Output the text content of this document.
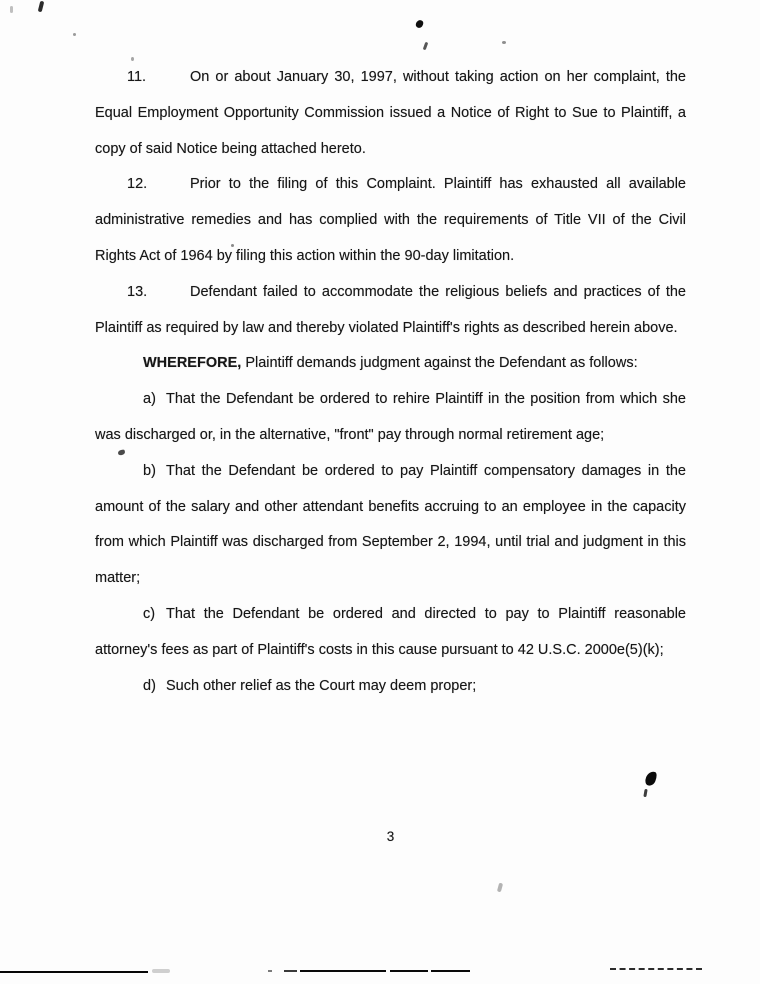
11.	On or about January 30, 1997, without taking action on her complaint, the Equal Employment Opportunity Commission issued a Notice of Right to Sue to Plaintiff, a copy of said Notice being attached hereto.

12.	Prior to the filing of this Complaint. Plaintiff has exhausted all available administrative remedies and has complied with the requirements of Title VII of the Civil Rights Act of 1964 by filing this action within the 90-day limitation.

13.	Defendant failed to accommodate the religious beliefs and practices of the Plaintiff as required by law and thereby violated Plaintiff's rights as described herein above.

WHEREFORE, Plaintiff demands judgment against the Defendant as follows:

a) That the Defendant be ordered to rehire Plaintiff in the position from which she was discharged or, in the alternative, "front" pay through normal retirement age;

b) That the Defendant be ordered to pay Plaintiff compensatory damages in the amount of the salary and other attendant benefits accruing to an employee in the capacity from which Plaintiff was discharged from September 2, 1994, until trial and judgment in this matter;

c) That the Defendant be ordered and directed to pay to Plaintiff reasonable attorney's fees as part of Plaintiff's costs in this cause pursuant to 42 U.S.C. 2000e(5)(k);

d) Such other relief as the Court may deem proper;

3
